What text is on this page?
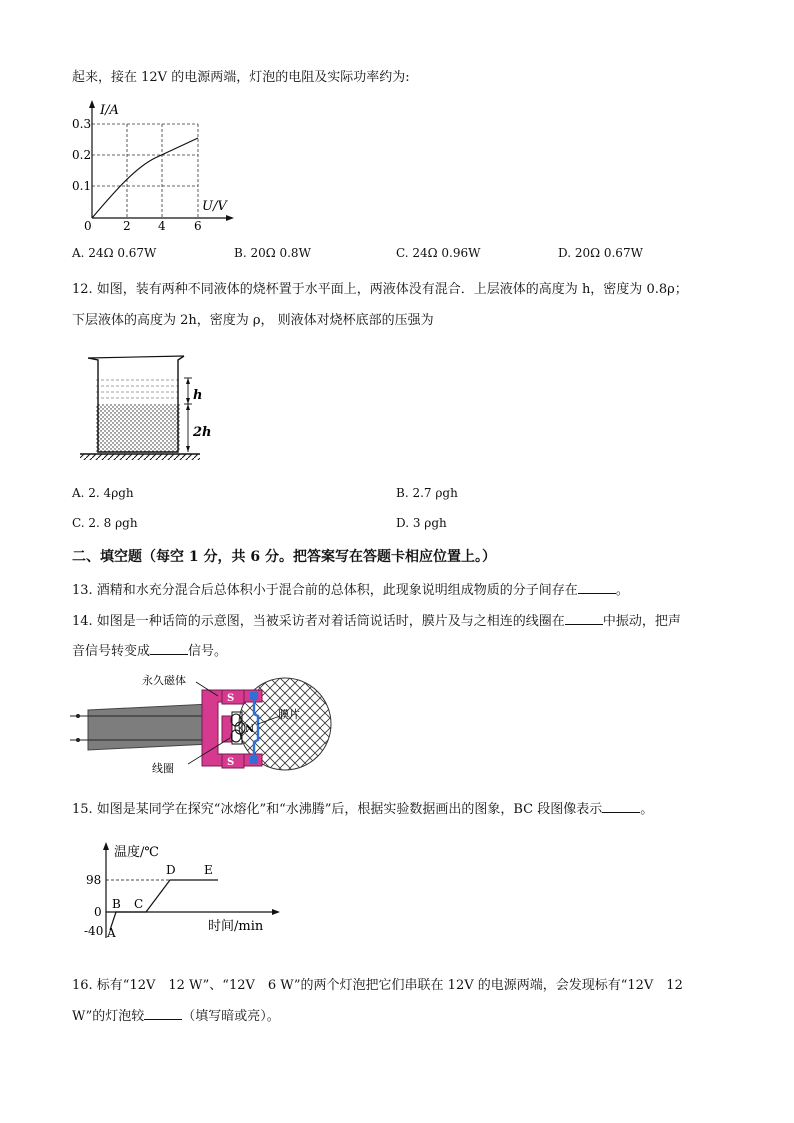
起来，接在 12V 的电源两端，灯泡的电阻及实际功率约为:
I/A
U/V
0.3
0.2
0.1
0	2 4 6
A. 24Ω 0.67W	B. 20Ω 0.8W	C. 24Ω 0.96W	D. 20Ω 0.67W
12. 如图，装有两种不同液体的烧杯置于水平面上，两液体没有混合．上层液体的高度为 h，密度为 0.8ρ；
下层液体的高度为 2h，密度为 ρ， 则液体对烧杯底部的压强为
h
2h
A. 2. 4ρgh	B. 2.7 ρgh
C. 2. 8 ρgh	D. 3 ρgh
二、填空题（每空 1 分，共 6 分。把答案写在答题卡相应位置上。）
13. 酒精和水充分混合后总体积小于混合前的总体积，此现象说明组成物质的分子间存在	。
14. 如图是一种话筒的示意图，当被采访者对着话筒说话时，膜片及与之相连的线圈在	中振动，把声
音信号转变成	信号。
S
S
N
永久磁体
膜片
线圈
15. 如图是某同学在探究“冰熔化”和“水沸腾”后，根据实验数据画出的图象，BC 段图像表示	。
温度/℃
时间/min
98
0
-40 A
B C
D E
16. 标有“12V　12 W”、“12V　6 W”的两个灯泡把它们串联在 12V 的电源两端，会发现标有“12V　12
W”的灯泡较	（填写暗或亮）。
